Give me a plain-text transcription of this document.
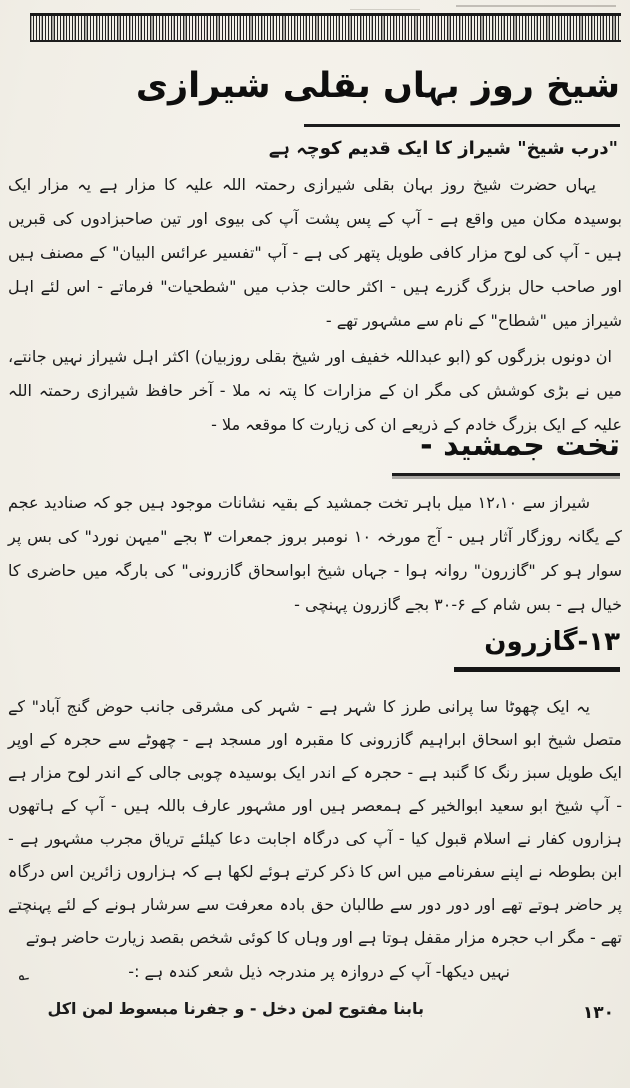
شیخ روز بہاں بقلی شیرازی
"درب شیخ" شیراز کا ایک قدیم کوچہ ہے

یہاں حضرت شیخ روز بہان بقلی شیرازی رحمتہ اللہ علیہ کا مزار ہے یہ مزار ایک بوسیدہ مکان میں واقع ہے - آپ کے پس پشت آپ کی بیوی اور تین صاحبزادوں کی قبریں ہیں - آپ کی لوح مزار کافی طویل پتھر کی ہے - آپ "تفسیر عرائس البیان" کے مصنف ہیں اور صاحب حال بزرگ گزرے ہیں - اکثر حالت جذب میں "شطحیات" فرماتے - اس لئے اہل شیراز میں "شطاح" کے نام سے مشہور تھے -

ان دونوں بزرگوں کو (ابو عبداللہ خفیف اور شیخ بقلی روزبیان) اکثر اہل شیراز نہیں جانتے، میں نے بڑی کوشش کی مگر ان کے مزارات کا پتہ نہ ملا - آخر حافظ شیرازی رحمتہ اللہ علیہ کے ایک بزرگ خادم کے ذریعے ان کی زیارت کا موقعہ ملا -

تخت جمشید -

شیراز سے ۱۲،۱۰ میل باہر تخت جمشید کے بقیہ نشانات موجود ہیں جو کہ صنادید عجم کے یگانہ روزگار آثار ہیں - آج مورخہ ۱۰ نومبر بروز جمعرات ۳ بجے "میہن نورد" کی بس پر سوار ہو کر "گازرون" روانہ ہوا - جہاں شیخ ابواسحاق گازرونی" کی بارگہ میں حاضری کا خیال ہے - بس شام کے ۶-۳۰ بجے گازرون پہنچی -

۱۳-گازرون

یہ ایک چھوٹا سا پرانی طرز کا شہر ہے - شہر کی مشرقی جانب حوض گنج آباد" کے متصل شیخ ابو اسحاق ابراہیم گازرونی کا مقبرہ اور مسجد ہے - چھوٹے سے حجرہ کے اوپر ایک طویل سبز رنگ کا گنبد ہے - حجرہ کے اندر ایک بوسیدہ چوبی جالی کے اندر لوح مزار ہے - آپ شیخ ابو سعید ابوالخیر کے ہمعصر ہیں اور مشہور عارف باللہ ہیں - آپ کے ہاتھوں ہزاروں کفار نے اسلام قبول کیا - آپ کی درگاہ اجابت دعا کیلئے تریاق مجرب مشہور ہے - ابن بطوطہ نے اپنے سفرنامے میں اس کا ذکر کرتے ہوئے لکھا ہے کہ ہزاروں زائرین اس درگاہ پر حاضر ہوتے تھے اور دور دور سے طالبان حق بادہ معرفت سے سرشار ہونے کے لئے پہنچتے تھے - مگر اب حجرہ مزار مقفل ہوتا ہے اور وہاں کا کوئی شخص بقصد زیارت حاضر ہوتے

نہیں دیکھا- آپ کے دروازہ پر مندرجہ ذیل شعر کندہ ہے :-

بابنا مفتوح لمن دخل - و جفرنا مبسوط لمن اکل

؎
۱۳۰
